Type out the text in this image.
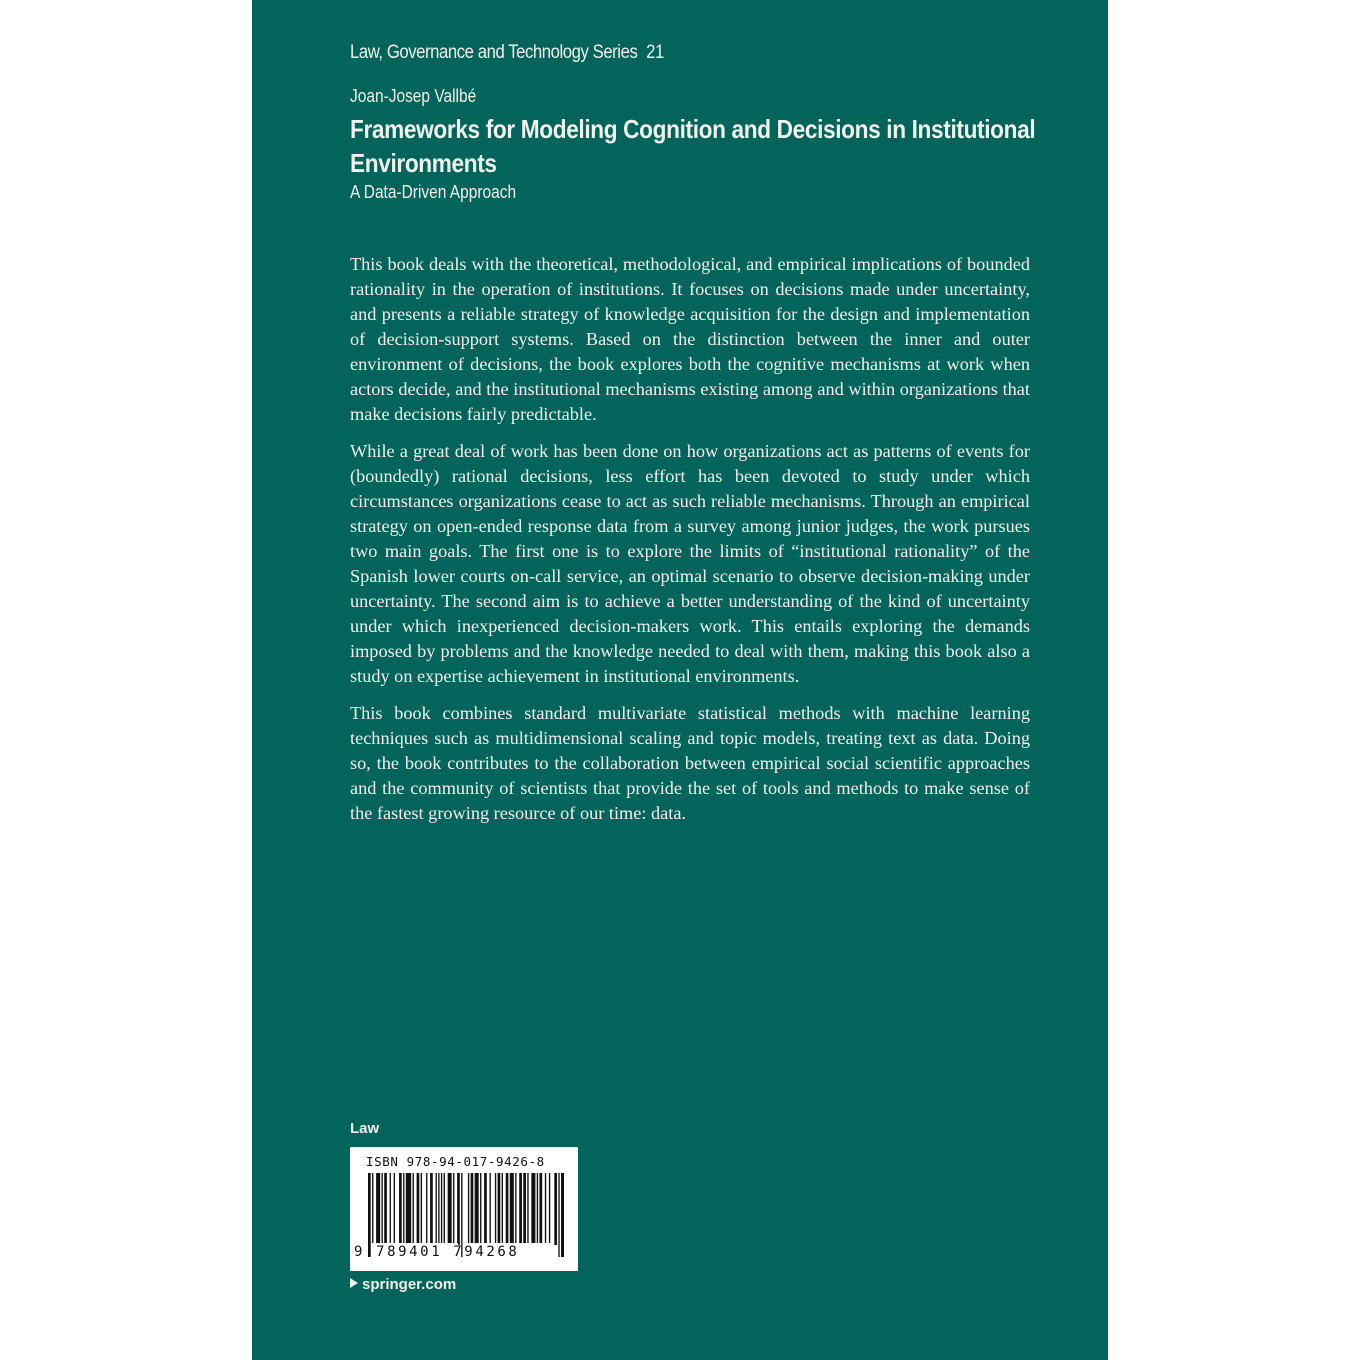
Law, Governance and Technology Series 21
Joan-Josep Vallbé
Frameworks for Modeling Cognition and Decisions in Institutional Environments
A Data-Driven Approach

This book deals with the theoretical, methodological, and empirical implications of bounded rationality in the operation of institutions. It focuses on decisions made under uncertainty, and presents a reliable strategy of knowledge acquisition for the design and implementation of decision-support systems. Based on the distinction between the inner and outer environment of decisions, the book explores both the cognitive mechanisms at work when actors decide, and the institutional mechanisms existing among and within organizations that make decisions fairly predictable.

While a great deal of work has been done on how organizations act as patterns of events for (boundedly) rational decisions, less effort has been devoted to study under which circumstances organizations cease to act as such reliable mechanisms. Through an empirical strategy on open-ended response data from a survey among junior judges, the work pursues two main goals. The first one is to explore the limits of “institutional rationality” of the Spanish lower courts on-call service, an optimal scenario to observe decision-making under uncertainty. The second aim is to achieve a better understanding of the kind of uncertainty under which inexperienced decision-makers work. This entails exploring the demands imposed by problems and the knowledge needed to deal with them, making this book also a study on expertise achievement in institutional environments.

This book combines standard multivariate statistical methods with machine learning techniques such as multidimensional scaling and topic models, treating text as data. Doing so, the book contributes to the collaboration between empirical social scientific approaches and the community of scientists that provide the set of tools and methods to make sense of the fastest growing resource of our time: data.

Law
ISBN 978-94-017-9426-8
9 789401 794268
springer.com
